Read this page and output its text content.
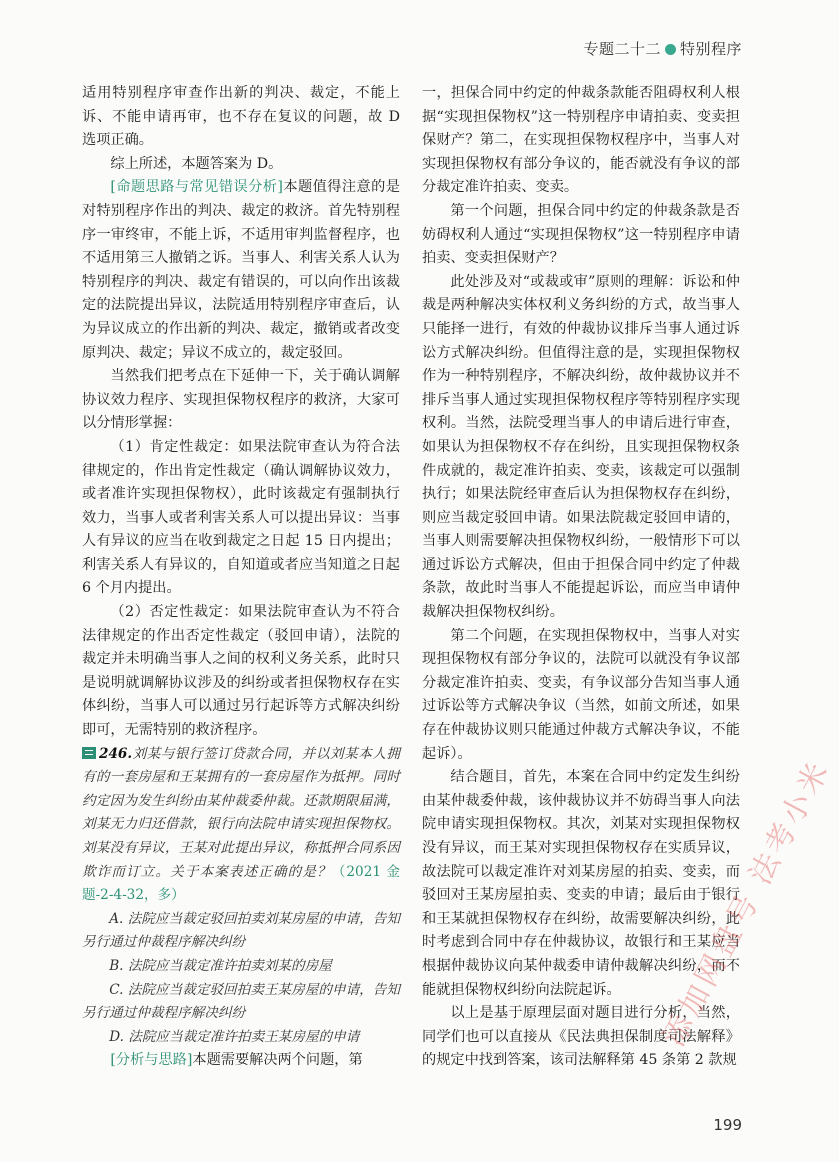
专题二十二 特别程序

适用特别程序审查作出新的判决、裁定，不能上诉、不能申请再审，也不存在复议的问题，故 D 选项正确。

综上所述，本题答案为 D。

[命题思路与常见错误分析]本题值得注意的是对特别程序作出的判决、裁定的救济。首先特别程序一审终审，不能上诉，不适用审判监督程序，也不适用第三人撤销之诉。当事人、利害关系人认为特别程序的判决、裁定有错误的，可以向作出该裁定的法院提出异议，法院适用特别程序审查后，认为异议成立的作出新的判决、裁定，撤销或者改变原判决、裁定；异议不成立的，裁定驳回。

当然我们把考点在下延伸一下，关于确认调解协议效力程序、实现担保物权程序的救济，大家可以分情形掌握：

（1）肯定性裁定：如果法院审查认为符合法律规定的，作出肯定性裁定（确认调解协议效力，或者准许实现担保物权），此时该裁定有强制执行效力，当事人或者利害关系人可以提出异议：当事人有异议的应当在收到裁定之日起 15 日内提出；利害关系人有异议的，自知道或者应当知道之日起 6 个月内提出。

（2）否定性裁定：如果法院审查认为不符合法律规定的作出否定性裁定（驳回申请），法院的裁定并未明确当事人之间的权利义务关系，此时只是说明就调解协议涉及的纠纷或者担保物权存在实体纠纷，当事人可以通过另行起诉等方式解决纠纷即可，无需特别的救济程序。

246.刘某与银行签订贷款合同，并以刘某本人拥有的一套房屋和王某拥有的一套房屋作为抵押。同时约定因为发生纠纷由某仲裁委仲裁。还款期限届满，刘某无力归还借款，银行向法院申请实现担保物权。刘某没有异议，王某对此提出异议，称抵押合同系因欺诈而订立。关于本案表述正确的是？（2021 金题-2-4-32，多）

A. 法院应当裁定驳回拍卖刘某房屋的申请，告知另行通过仲裁程序解决纠纷

B. 法院应当裁定准许拍卖刘某的房屋

C. 法院应当裁定驳回拍卖王某房屋的申请，告知另行通过仲裁程序解决纠纷

D. 法院应当裁定准许拍卖王某房屋的申请

[分析与思路]本题需要解决两个问题，第

一，担保合同中约定的仲裁条款能否阻碍权利人根据“实现担保物权”这一特别程序申请拍卖、变卖担保财产？第二，在实现担保物权程序中，当事人对实现担保物权有部分争议的，能否就没有争议的部分裁定准许拍卖、变卖。

第一个问题，担保合同中约定的仲裁条款是否妨碍权利人通过“实现担保物权”这一特别程序申请拍卖、变卖担保财产？

此处涉及对“或裁或审”原则的理解：诉讼和仲裁是两种解决实体权利义务纠纷的方式，故当事人只能择一进行，有效的仲裁协议排斥当事人通过诉讼方式解决纠纷。但值得注意的是，实现担保物权作为一种特别程序，不解决纠纷，故仲裁协议并不排斥当事人通过实现担保物权程序等特别程序实现权利。当然，法院受理当事人的申请后进行审查，如果认为担保物权不存在纠纷，且实现担保物权条件成就的，裁定准许拍卖、变卖，该裁定可以强制执行；如果法院经审查后认为担保物权存在纠纷，则应当裁定驳回申请。如果法院裁定驳回申请的，当事人则需要解决担保物权纠纷，一般情形下可以通过诉讼方式解决，但由于担保合同中约定了仲裁条款，故此时当事人不能提起诉讼，而应当申请仲裁解决担保物权纠纷。

第二个问题，在实现担保物权中，当事人对实现担保物权有部分争议的，法院可以就没有争议部分裁定准许拍卖、变卖，有争议部分告知当事人通过诉讼等方式解决争议（当然，如前文所述，如果存在仲裁协议则只能通过仲裁方式解决争议，不能起诉）。

结合题目，首先，本案在合同中约定发生纠纷由某仲裁委仲裁，该仲裁协议并不妨碍当事人向法院申请实现担保物权。其次，刘某对实现担保物权没有异议，而王某对实现担保物权存在实质异议，故法院可以裁定准许对刘某房屋的拍卖、变卖，而驳回对王某房屋拍卖、变卖的申请；最后由于银行和王某就担保物权存在纠纷，故需要解决纠纷，此时考虑到合同中存在仲裁协议，故银行和王某应当根据仲裁协议向某仲裁委申请仲裁解决纠纷，而不能就担保物权纠纷向法院起诉。

以上是基于原理层面对题目进行分析，当然，同学们也可以直接从《民法典担保制度司法解释》的规定中找到答案，该司法解释第 45 条第 2 款规

199
添加网盘号 法考小米
